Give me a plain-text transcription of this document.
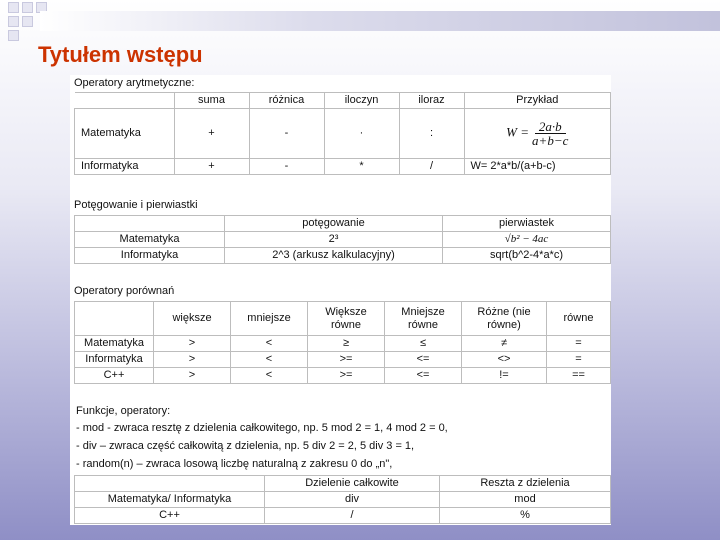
Tytułem wstępu
Operatory arytmetyczne:
	suma	różnica	iloczyn	iloraz	Przykład
Matematyka	+	-	·	:	$W = \frac{2a\cdot b}{a+b-c}$

Informatyka	+	-	*	/	W= 2*a*b/(a+b-c)
Potęgowanie i pierwiastki
	potęgowanie	pierwiastek
Matematyka	2³	√b² − 4ac
Informatyka	2^3 (arkusz kalkulacyjny)	sqrt(b^2-4*a*c)
Operatory porównań
	większe	mniejsze	Większe równe	Mniejsze równe	Różne (nie równe)	równe
Matematyka	>	<	≥	≤	≠	=
Informatyka	>	<	>=	<=	<>	=
C++	>	<	>=	<=	!=	==
Funkcje, operatory:
- mod - zwraca resztę z dzielenia całkowitego, np. 5 mod 2 = 1, 4 mod 2 = 0,
- div – zwraca część całkowitą z dzielenia, np. 5 div 2 = 2, 5 div 3 = 1,
- random(n) – zwraca losową liczbę naturalną z zakresu 0 do „n",
	Dzielenie całkowite	Reszta z dzielenia
Matematyka/ Informatyka	div	mod
C++	/	%
